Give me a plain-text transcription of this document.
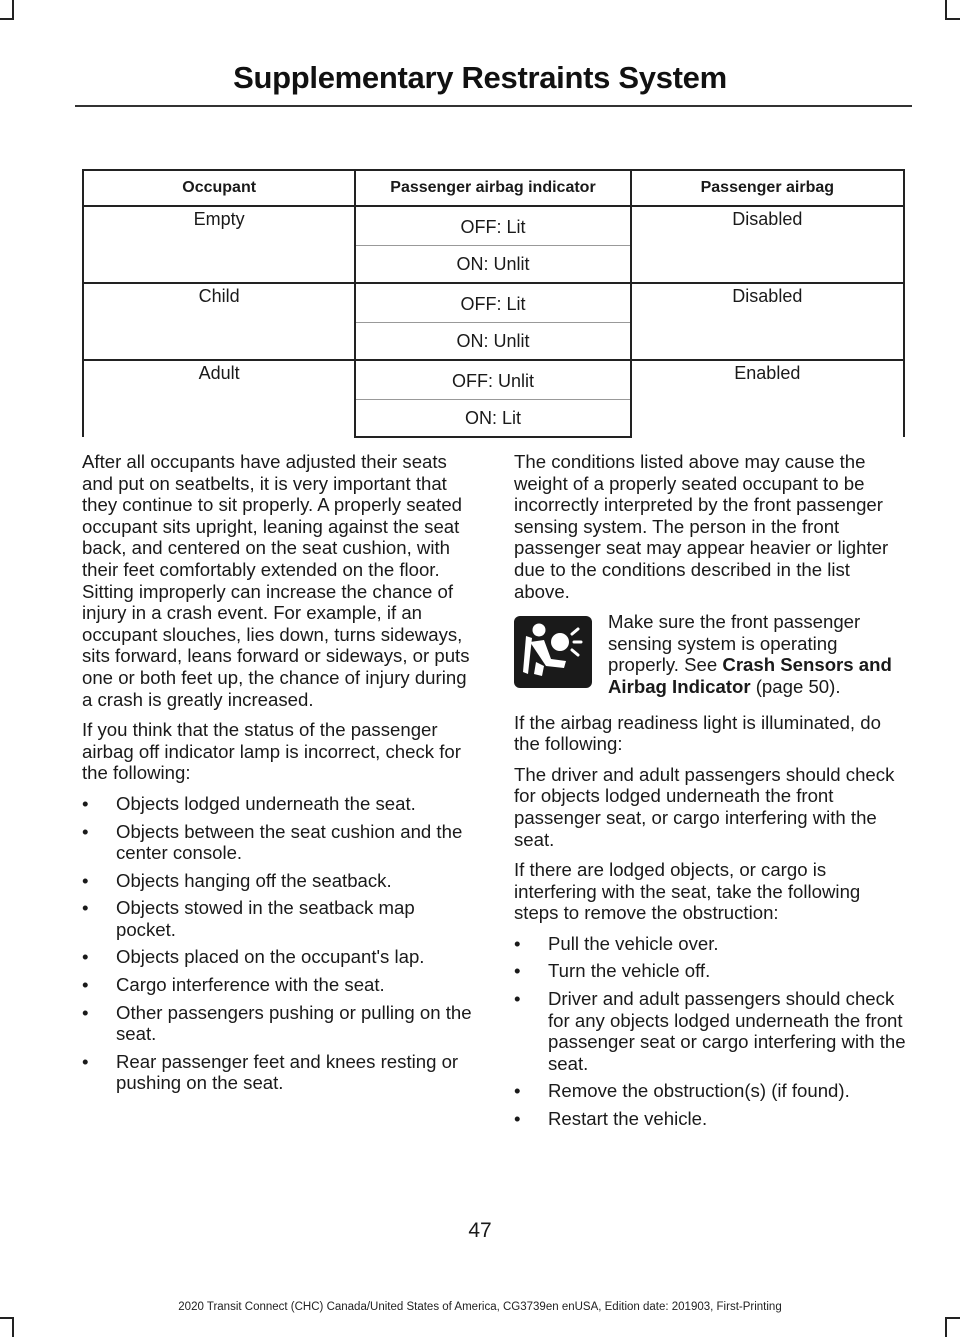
Supplementary Restraints System
Occupant	Passenger airbag indicator	Passenger airbag
Empty	OFF: Lit	Disabled
	ON: Unlit	
Child	OFF: Lit	Disabled
	ON: Unlit	
Adult	OFF: Unlit	Enabled
	ON: Lit	

After all occupants have adjusted their seats and put on seatbelts, it is very important that they continue to sit properly. A properly seated occupant sits upright, leaning against the seat back, and centered on the seat cushion, with their feet comfortably extended on the floor. Sitting improperly can increase the chance of injury in a crash event. For example, if an occupant slouches, lies down, turns sideways, sits forward, leans forward or sideways, or puts one or both feet up, the chance of injury during a crash is greatly increased.

If you think that the status of the passenger airbag off indicator lamp is incorrect, check for the following:

•	Objects lodged underneath the seat.
•	Objects between the seat cushion and the center console.
•	Objects hanging off the seatback.
•	Objects stowed in the seatback map pocket.
•	Objects placed on the occupant's lap.
•	Cargo interference with the seat.
•	Other passengers pushing or pulling on the seat.
•	Rear passenger feet and knees resting or pushing on the seat.

The conditions listed above may cause the weight of a properly seated occupant to be incorrectly interpreted by the front passenger sensing system. The person in the front passenger seat may appear heavier or lighter due to the conditions described in the list above.

Make sure the front passenger sensing system is operating properly. See Crash Sensors and Airbag Indicator (page 50).

If the airbag readiness light is illuminated, do the following:

The driver and adult passengers should check for objects lodged underneath the front passenger seat, or cargo interfering with the seat.

If there are lodged objects, or cargo is interfering with the seat, take the following steps to remove the obstruction:

•	Pull the vehicle over.
•	Turn the vehicle off.
•	Driver and adult passengers should check for any objects lodged underneath the front passenger seat or cargo interfering with the seat.
•	Remove the obstruction(s) (if found).
•	Restart the vehicle.
47
2020 Transit Connect (CHC) Canada/United States of America, CG3739en enUSA, Edition date: 201903, First-Printing
